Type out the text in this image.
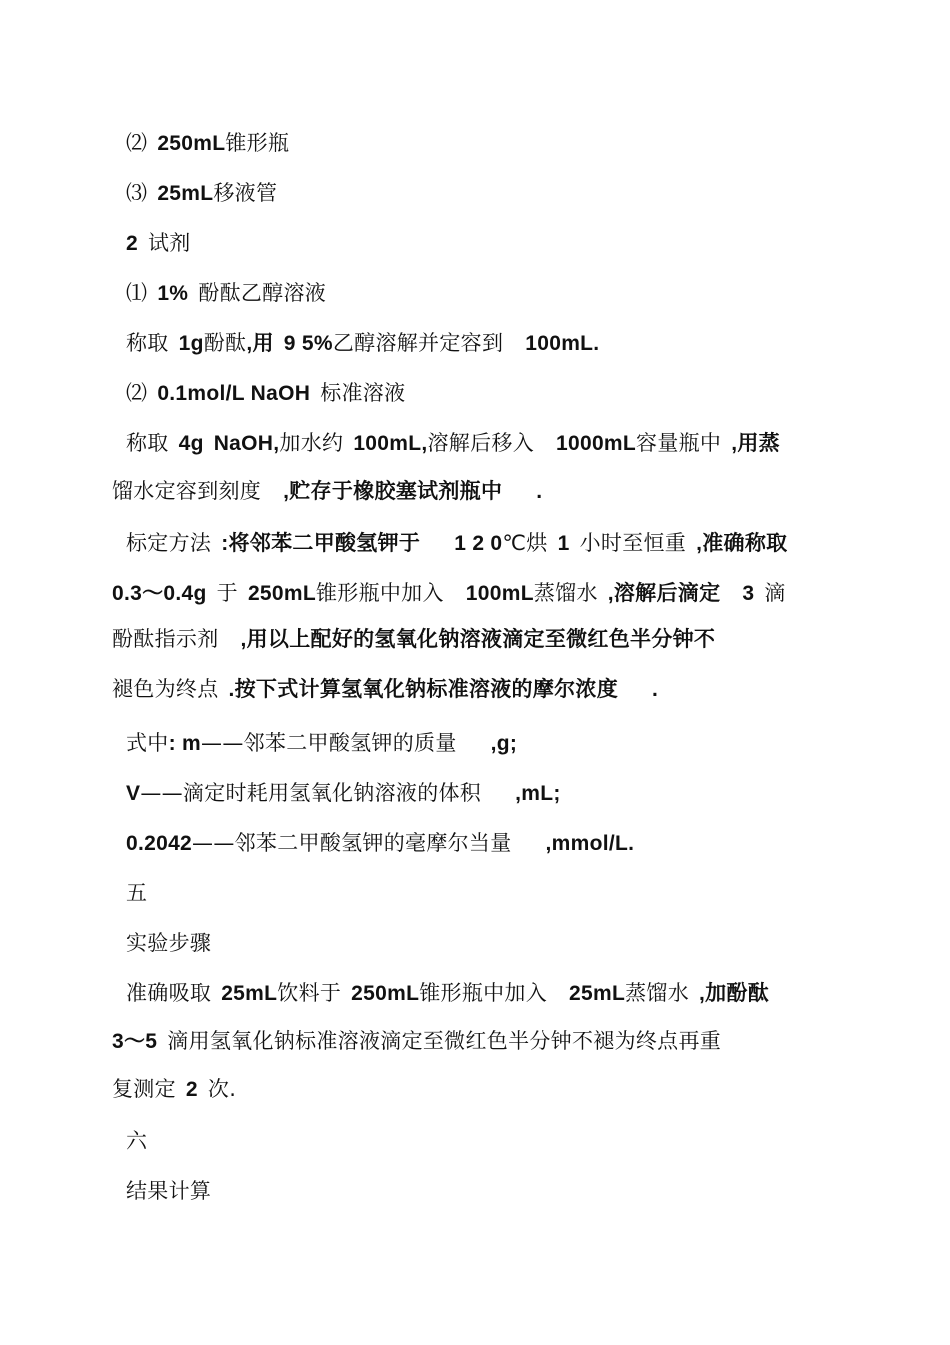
⑵ 250mL锥形瓶
⑶ 25mL移液管
2 试剂
⑴ 1% 酚酞乙醇溶液
称取 1g酚酞,用 9 5%乙醇溶解并定容到 100mL.
⑵ 0.1mol/L NaOH 标准溶液
称取 4g NaOH,加水约 100mL,溶解后移入 1000mL容量瓶中 ,用蒸
馏水定容到刻度 ,贮存于橡胶塞试剂瓶中 .
标定方法 :将邻苯二甲酸氢钾于 1 2 0℃烘 1 小时至恒重 ,准确称取
0.3～0.4g 于 250mL锥形瓶中加入 100mL蒸馏水 ,溶解后滴定 3 滴
酚酞指示剂 ,用以上配好的氢氧化钠溶液滴定至微红色半分钟不
褪色为终点 .按下式计算氢氧化钠标准溶液的摩尔浓度 .
式中: m——邻苯二甲酸氢钾的质量 ,g;
V——滴定时耗用氢氧化钠溶液的体积 ,mL;
0.2042——邻苯二甲酸氢钾的毫摩尔当量 ,mmol/L.
五
实验步骤
准确吸取 25mL饮料于 250mL锥形瓶中加入 25mL蒸馏水 ,加酚酞
3～5 滴用氢氧化钠标准溶液滴定至微红色半分钟不褪为终点再重
复测定 2 次.
六
结果计算
